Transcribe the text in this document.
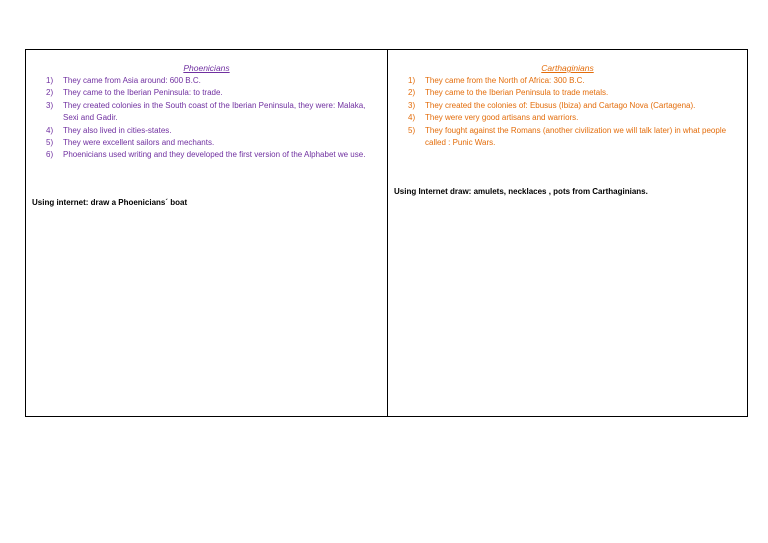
Phoenicians
1) They came from Asia around: 600 B.C.
2) They came to the Iberian Peninsula: to trade.
3) They created colonies in the South coast of the Iberian Peninsula, they were: Malaka, Sexi and Gadir.
4) They also lived in cities-states.
5) They were excellent sailors and mechants.
6) Phoenicians used writing and they developed the first version of the Alphabet we use.
Using internet: draw a Phoenicians´ boat
Carthaginians
1) They came from the North of Africa: 300 B.C.
2) They came to the Iberian Peninsula to trade metals.
3) They created the colonies of: Ebusus (Ibiza) and Cartago Nova (Cartagena).
4) They were very good artisans and warriors.
5) They fought against the Romans (another civilization we will talk later) in what people called : Punic Wars.
Using Internet draw: amulets, necklaces , pots from Carthaginians.
